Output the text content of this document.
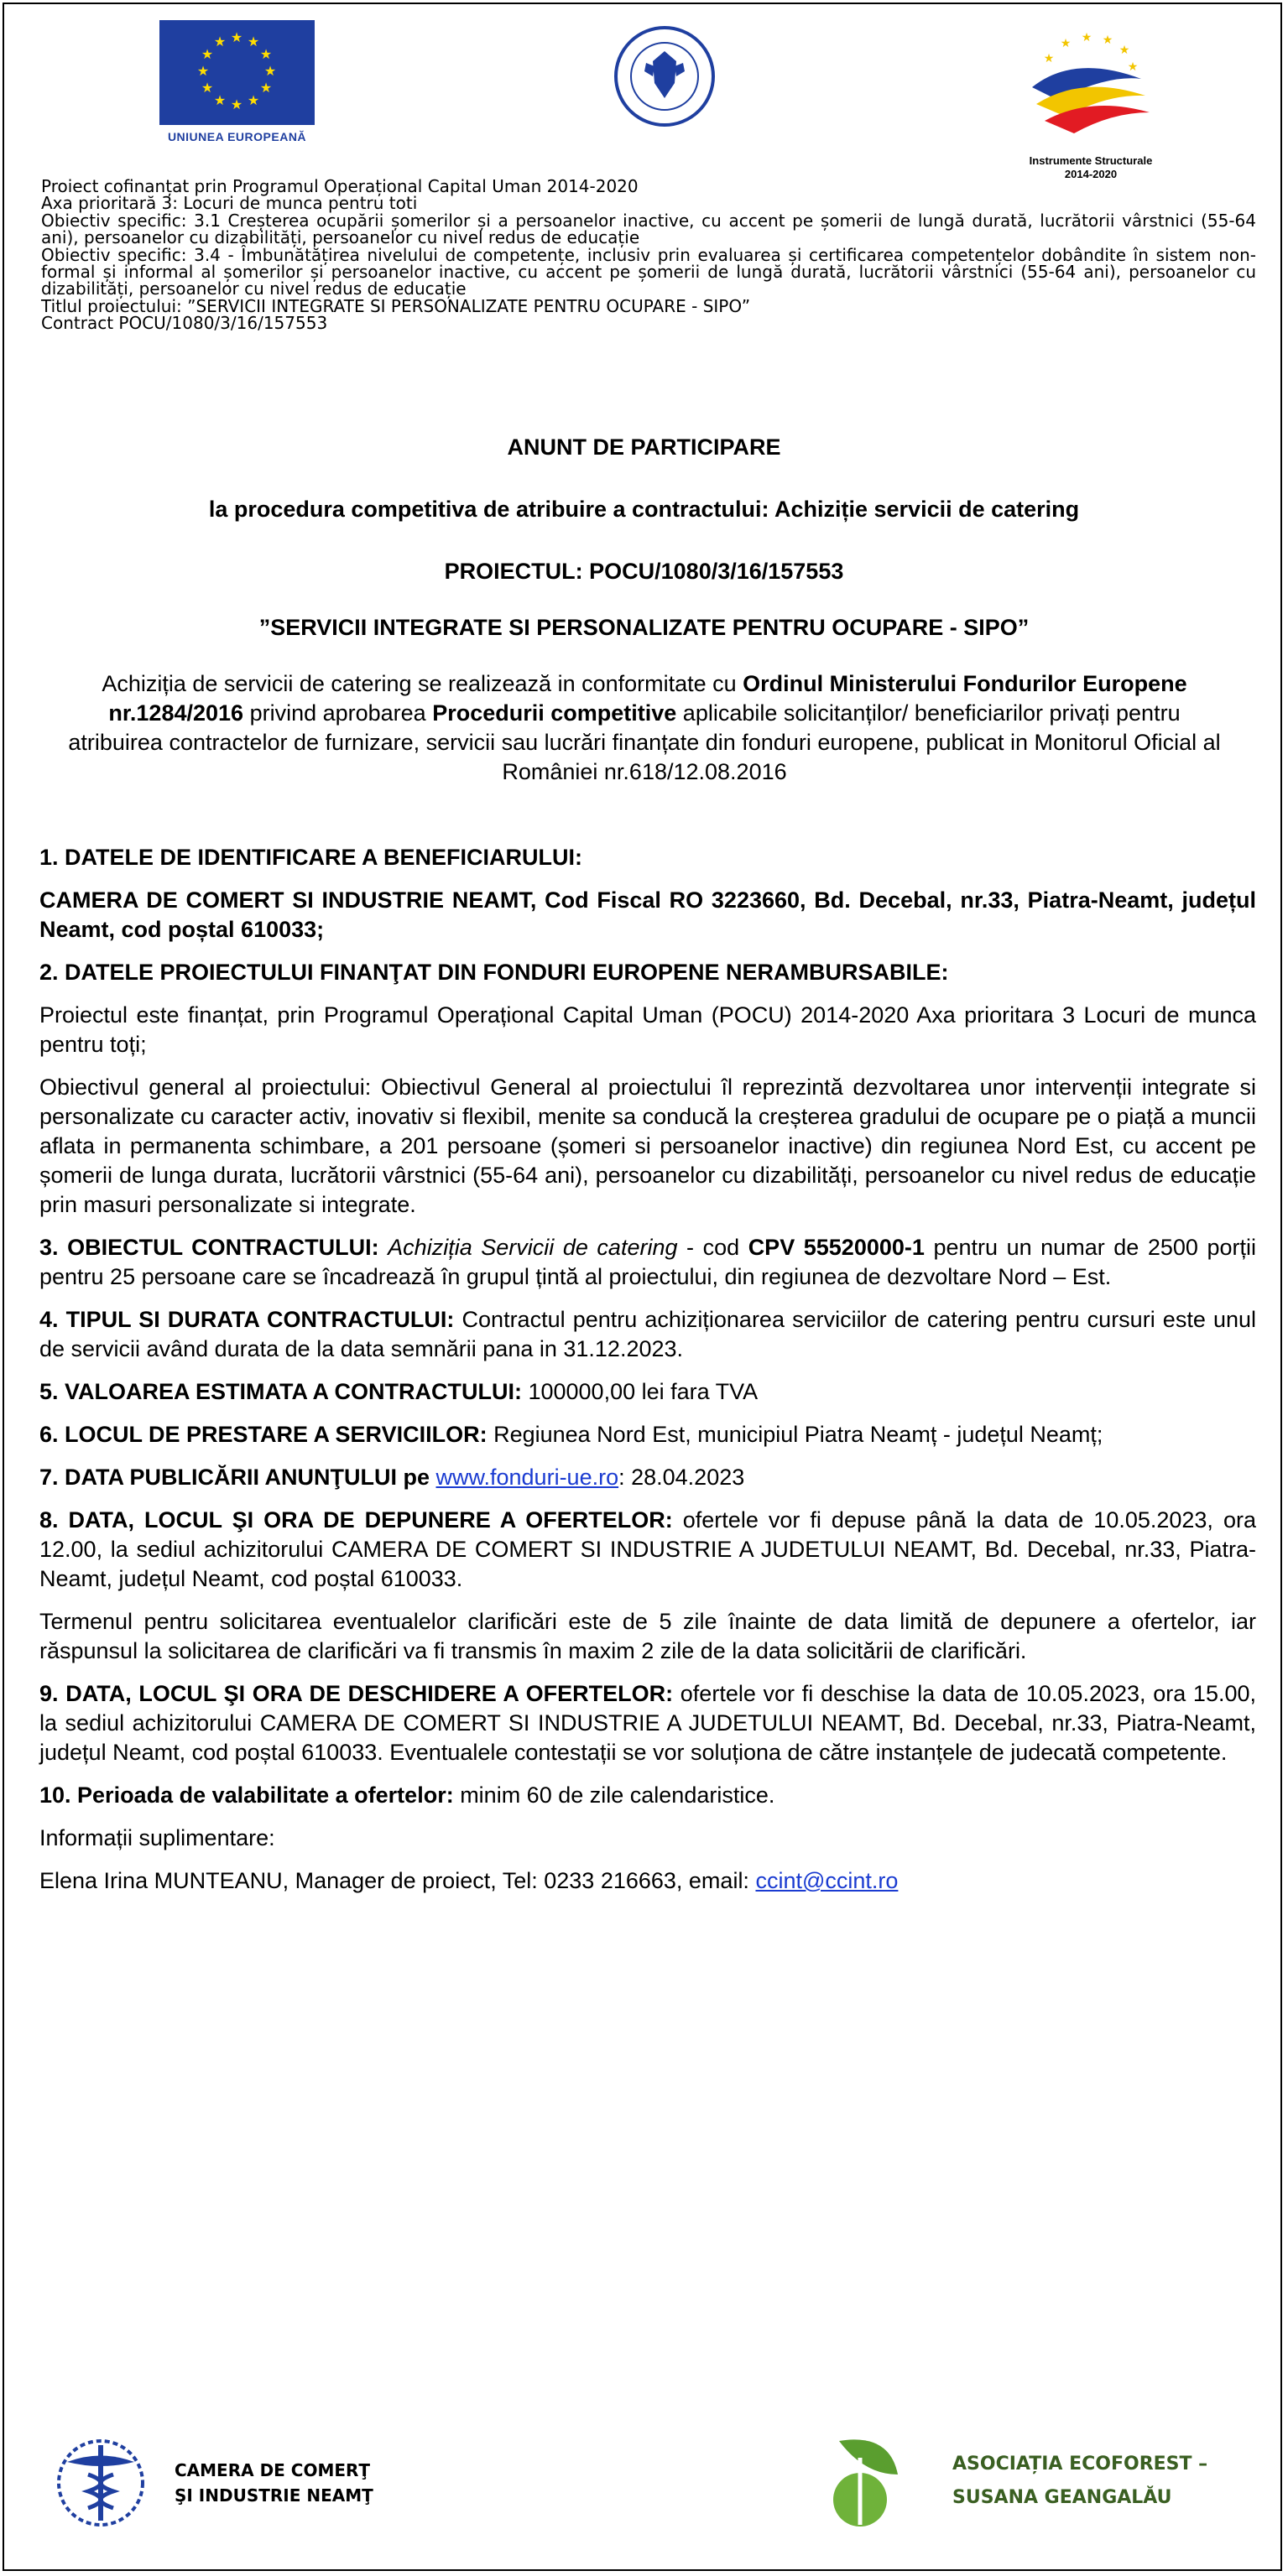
★ ★
★
★
★
★
★
★
★
★
★
★
UNIUNEA EUROPEANĂ
★
★ ★ ★
★
★
Instrumente Structurale
2014-2020

Proiect cofinanțat prin Programul Operațional Capital Uman 2014-2020

Axa prioritară 3: Locuri de munca pentru toti

Obiectiv specific: 3.1 Creșterea ocupării șomerilor și a persoanelor inactive, cu accent pe șomerii de lungă durată, lucrătorii vârstnici (55-64 ani), persoanelor cu dizabilități, persoanelor cu nivel redus de educație

Obiectiv specific: 3.4 - Îmbunătățirea nivelului de competențe, inclusiv prin evaluarea și certificarea competențelor dobândite în sistem non-formal și informal al șomerilor și persoanelor inactive, cu accent pe șomerii de lungă durată, lucrătorii vârstnici (55-64 ani), persoanelor cu dizabilități, persoanelor cu nivel redus de educație

Titlul proiectului: ”SERVICII INTEGRATE SI PERSONALIZATE PENTRU OCUPARE - SIPO”

Contract POCU/1080/3/16/157553

ANUNT DE PARTICIPARE
la procedura competitiva de atribuire a contractului: Achiziție servicii de catering
PROIECTUL: POCU/1080/3/16/157553
”SERVICII INTEGRATE SI PERSONALIZATE PENTRU OCUPARE - SIPO”
Achiziția de servicii de catering se realizează in conformitate cu Ordinul Ministerului Fondurilor Europene nr.1284/2016 privind aprobarea Procedurii competitive aplicabile solicitanților/ beneficiarilor privați pentru atribuirea contractelor de furnizare, servicii sau lucrări finanțate din fonduri europene, publicat in Monitorul Oficial al României nr.618/12.08.2016

1. DATELE DE IDENTIFICARE A BENEFICIARULUI:

CAMERA DE COMERT SI INDUSTRIE NEAMT, Cod Fiscal RO 3223660, Bd. Decebal, nr.33, Piatra-Neamt, județul Neamt, cod poștal 610033;

2. DATELE PROIECTULUI FINANŢAT DIN FONDURI EUROPENE NERAMBURSABILE:

Proiectul este finanțat, prin Programul Operațional Capital Uman (POCU) 2014-2020 Axa prioritara 3 Locuri de munca pentru toți;

Obiectivul general al proiectului: Obiectivul General al proiectului îl reprezintă dezvoltarea unor intervenții integrate si personalizate cu caracter activ, inovativ si flexibil, menite sa conducă la creșterea gradului de ocupare pe o piață a muncii aflata in permanenta schimbare, a 201 persoane (șomeri si persoanelor inactive) din regiunea Nord Est, cu accent pe șomerii de lunga durata, lucrătorii vârstnici (55-64 ani), persoanelor cu dizabilități, persoanelor cu nivel redus de educație prin masuri personalizate si integrate.

3. OBIECTUL CONTRACTULUI: Achiziția Servicii de catering - cod CPV 55520000-1 pentru un numar de 2500 porții pentru 25 persoane care se încadrează în grupul țintă al proiectului, din regiunea de dezvoltare Nord – Est.

4. TIPUL SI DURATA CONTRACTULUI: Contractul pentru achiziționarea serviciilor de catering pentru cursuri este unul de servicii având durata de la data semnării pana in 31.12.2023.

5. VALOAREA ESTIMATA A CONTRACTULUI: 100000,00 lei fara TVA

6. LOCUL DE PRESTARE A SERVICIILOR: Regiunea Nord Est, municipiul Piatra Neamț - județul Neamț;

7. DATA PUBLICĂRII ANUNŢULUI pe www.fonduri-ue.ro: 28.04.2023

8. DATA, LOCUL ŞI ORA DE DEPUNERE A OFERTELOR: ofertele vor fi depuse până la data de 10.05.2023, ora 12.00, la sediul achizitorului CAMERA DE COMERT SI INDUSTRIE A JUDETULUI NEAMT, Bd. Decebal, nr.33, Piatra-Neamt, județul Neamt, cod poștal 610033.

Termenul pentru solicitarea eventualelor clarificări este de 5 zile înainte de data limită de depunere a ofertelor, iar răspunsul la solicitarea de clarificări va fi transmis în maxim 2 zile de la data solicitării de clarificări.

9. DATA, LOCUL ŞI ORA DE DESCHIDERE A OFERTELOR: ofertele vor fi deschise la data de 10.05.2023, ora 15.00, la sediul achizitorului CAMERA DE COMERT SI INDUSTRIE A JUDETULUI NEAMT, Bd. Decebal, nr.33, Piatra-Neamt, județul Neamt, cod poștal 610033. Eventualele contestații se vor soluționa de către instanțele de judecată competente.

10. Perioada de valabilitate a ofertelor: minim 60 de zile calendaristice.

Informații suplimentare:

Elena Irina MUNTEANU, Manager de proiect, Tel: 0233 216663, email: ccint@ccint.ro

CAMERA DE COMERŢ
ŞI INDUSTRIE NEAMŢ
ASOCIAȚIA ECOFOREST –
SUSANA GEANGALĂU
